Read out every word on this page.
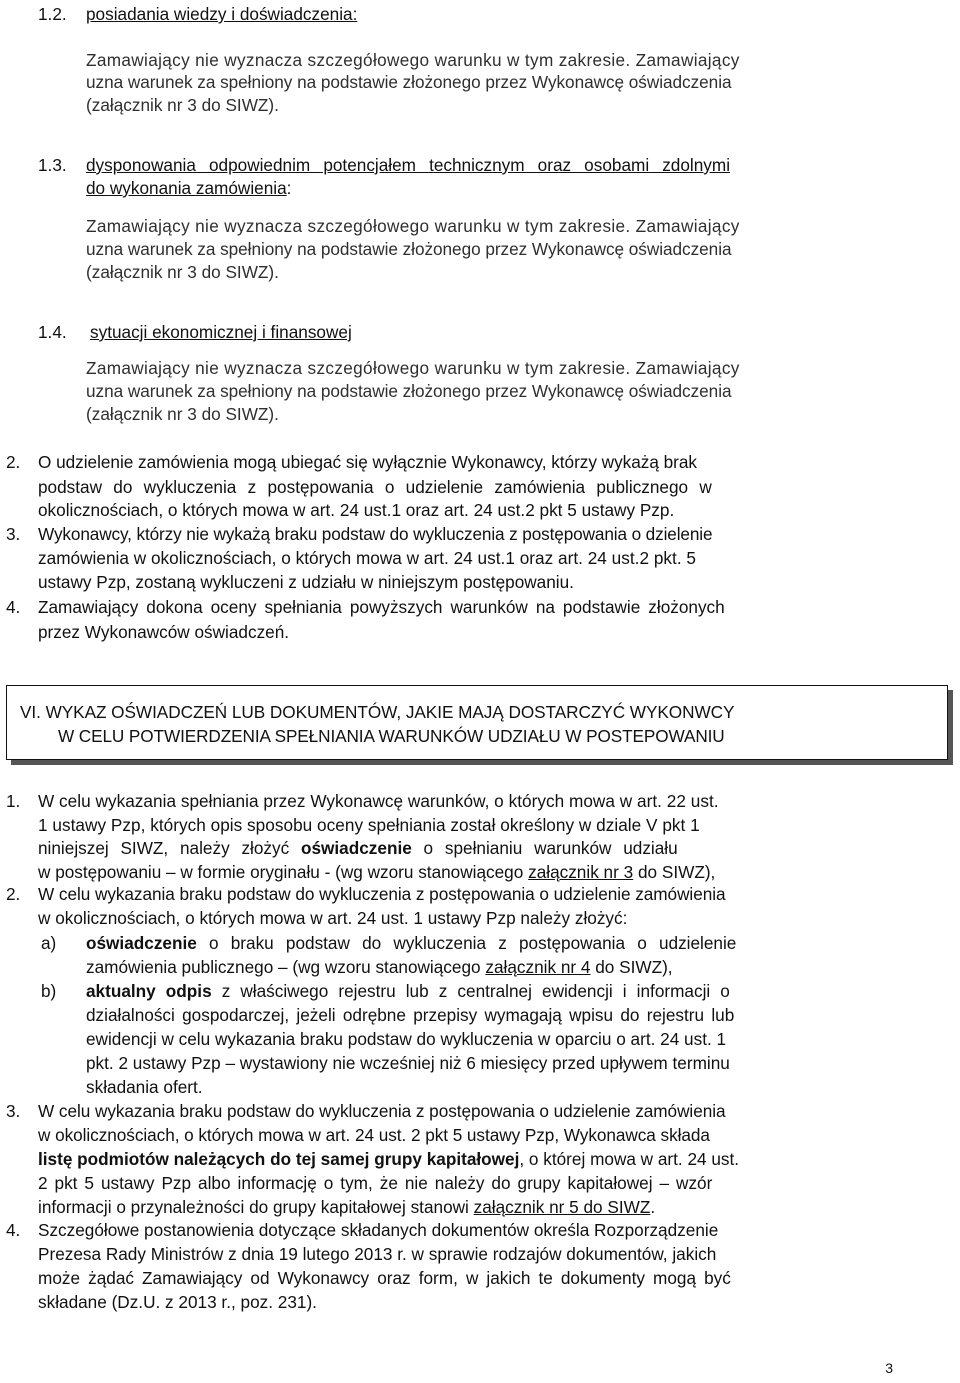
1.2. posiadania wiedzy i doświadczenia:
Zamawiający nie wyznacza szczegółowego warunku w tym zakresie. Zamawiający
uzna warunek za spełniony na podstawie złożonego przez Wykonawcę oświadczenia
(załącznik nr 3 do SIWZ).
1.3. dysponowania odpowiednim potencjałem technicznym oraz osobami zdolnymi
do wykonania zamówienia:
Zamawiający nie wyznacza szczegółowego warunku w tym zakresie. Zamawiający
uzna warunek za spełniony na podstawie złożonego przez Wykonawcę oświadczenia
(załącznik nr 3 do SIWZ).
1.4. sytuacji ekonomicznej i finansowej
Zamawiający nie wyznacza szczegółowego warunku w tym zakresie. Zamawiający
uzna warunek za spełniony na podstawie złożonego przez Wykonawcę oświadczenia
(załącznik nr 3 do SIWZ).
2. O udzielenie zamówienia mogą ubiegać się wyłącznie Wykonawcy, którzy wykażą brak
podstaw do wykluczenia z postępowania o udzielenie zamówienia publicznego w
okolicznościach, o których mowa w art. 24 ust.1 oraz art. 24 ust.2 pkt 5 ustawy Pzp.
3. Wykonawcy, którzy nie wykażą braku podstaw do wykluczenia z postępowania o dzielenie
zamówienia w okolicznościach, o których mowa w art. 24 ust.1 oraz art. 24 ust.2 pkt. 5
ustawy Pzp, zostaną wykluczeni z udziału w niniejszym postępowaniu.
4. Zamawiający dokona oceny spełniania powyższych warunków na podstawie złożonych
przez Wykonawców oświadczeń.
VI. WYKAZ OŚWIADCZEŃ LUB DOKUMENTÓW, JAKIE MAJĄ DOSTARCZYĆ WYKONWCY
W CELU POTWIERDZENIA SPEŁNIANIA WARUNKÓW UDZIAŁU W POSTEPOWANIU
1. W celu wykazania spełniania przez Wykonawcę warunków, o których mowa w art. 22 ust.
1 ustawy Pzp, których opis sposobu oceny spełniania został określony w dziale V pkt 1
niniejszej SIWZ, należy złożyć oświadczenie o spełnianiu warunków udziału
w postępowaniu – w formie oryginału - (wg wzoru stanowiącego załącznik nr 3 do SIWZ),
2. W celu wykazania braku podstaw do wykluczenia z postępowania o udzielenie zamówienia
w okolicznościach, o których mowa w art. 24 ust. 1 ustawy Pzp należy złożyć:
a) oświadczenie o braku podstaw do wykluczenia z postępowania o udzielenie
zamówienia publicznego – (wg wzoru stanowiącego załącznik nr 4 do SIWZ),
b) aktualny odpis z właściwego rejestru lub z centralnej ewidencji i informacji o
działalności gospodarczej, jeżeli odrębne przepisy wymagają wpisu do rejestru lub
ewidencji w celu wykazania braku podstaw do wykluczenia w oparciu o art. 24 ust. 1
pkt. 2 ustawy Pzp – wystawiony nie wcześniej niż 6 miesięcy przed upływem terminu
składania ofert.
3. W celu wykazania braku podstaw do wykluczenia z postępowania o udzielenie zamówienia
w okolicznościach, o których mowa w art. 24 ust. 2 pkt 5 ustawy Pzp, Wykonawca składa
listę podmiotów należących do tej samej grupy kapitałowej, o której mowa w art. 24 ust.
2 pkt 5 ustawy Pzp albo informację o tym, że nie należy do grupy kapitałowej – wzór
informacji o przynależności do grupy kapitałowej stanowi załącznik nr 5 do SIWZ.
4. Szczegółowe postanowienia dotyczące składanych dokumentów określa Rozporządzenie
Prezesa Rady Ministrów z dnia 19 lutego 2013 r. w sprawie rodzajów dokumentów, jakich
może żądać Zamawiający od Wykonawcy oraz form, w jakich te dokumenty mogą być
składane (Dz.U. z 2013 r., poz. 231).
3
